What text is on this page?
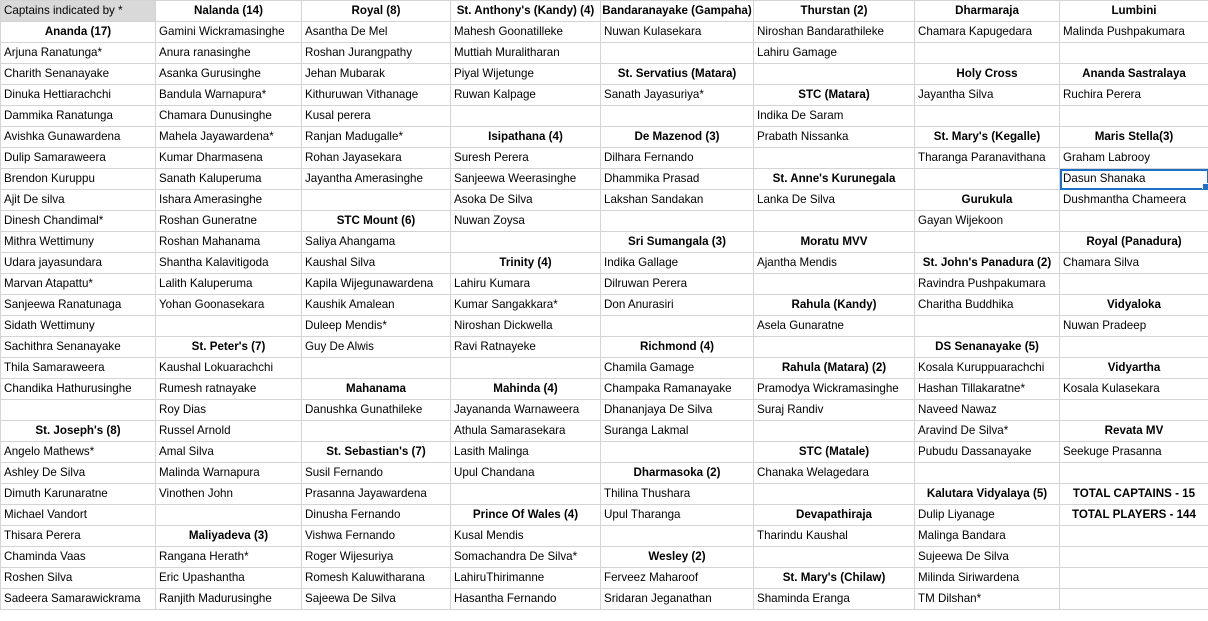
Captains indicated by *	Nalanda (14)	Royal (8)	St. Anthony's (Kandy) (4)	Bandaranayake (Gampaha)	Thurstan (2)	Dharmaraja	Lumbini
Ananda (17)	Gamini Wickramasinghe	Asantha De Mel	Mahesh Goonatilleke	Nuwan Kulasekara	Niroshan Bandarathileke	Chamara Kapugedara	Malinda Pushpakumara
Arjuna Ranatunga*	Anura ranasinghe	Roshan Jurangpathy	Muttiah Muralitharan		Lahiru Gamage		
Charith Senanayake	Asanka Gurusinghe	Jehan Mubarak	Piyal Wijetunge	St. Servatius (Matara)		Holy Cross	Ananda Sastralaya
Dinuka Hettiarachchi	Bandula Warnapura*	Kithuruwan Vithanage	Ruwan Kalpage	Sanath Jayasuriya*	STC (Matara)	Jayantha Silva	Ruchira Perera
Dammika Ranatunga	Chamara Dunusinghe	Kusal perera			Indika De Saram		
Avishka Gunawardena	Mahela Jayawardena*	Ranjan Madugalle*	Isipathana (4)	De Mazenod (3)	Prabath Nissanka	St. Mary's (Kegalle)	Maris Stella(3)
Dulip Samaraweera	Kumar Dharmasena	Rohan Jayasekara	Suresh Perera	Dilhara Fernando		Tharanga Paranavithana	Graham Labrooy
Brendon Kuruppu	Sanath Kaluperuma	Jayantha Amerasinghe	Sanjeewa Weerasinghe	Dhammika Prasad	St. Anne's Kurunegala		Dasun Shanaka
Ajit De silva	Ishara Amerasinghe		Asoka De Silva	Lakshan Sandakan	Lanka De Silva	Gurukula	Dushmantha Chameera
Dinesh Chandimal*	Roshan Guneratne	STC Mount (6)	Nuwan Zoysa			Gayan Wijekoon	
Mithra Wettimuny	Roshan Mahanama	Saliya Ahangama		Sri Sumangala (3)	Moratu MVV		Royal (Panadura)
Udara jayasundara	Shantha Kalavitigoda	Kaushal Silva	Trinity (4)	Indika Gallage	Ajantha Mendis	St. John's Panadura (2)	Chamara Silva
Marvan Atapattu*	Lalith Kaluperuma	Kapila Wijegunawardena	Lahiru Kumara	Dilruwan Perera		Ravindra Pushpakumara	
Sanjeewa Ranatunaga	Yohan Goonasekara	Kaushik Amalean	Kumar Sangakkara*	Don Anurasiri	Rahula (Kandy)	Charitha Buddhika	Vidyaloka
Sidath Wettimuny		Duleep Mendis*	Niroshan Dickwella		Asela Gunaratne		Nuwan Pradeep
Sachithra Senanayake	St. Peter's (7)	Guy De Alwis	Ravi Ratnayeke	Richmond (4)		DS Senanayake (5)	
Thila Samaraweera	Kaushal Lokuarachchi			Chamila Gamage	Rahula (Matara) (2)	Kosala Kuruppuarachchi	Vidyartha
Chandika Hathurusinghe	Rumesh ratnayake	Mahanama	Mahinda (4)	Champaka Ramanayake	Pramodya Wickramasinghe	Hashan Tillakaratne*	Kosala Kulasekara
	Roy Dias	Danushka Gunathileke	Jayananda Warnaweera	Dhananjaya De Silva	Suraj Randiv	Naveed Nawaz	
St. Joseph's (8)	Russel Arnold		Athula Samarasekara	Suranga Lakmal		Aravind De Silva*	Revata MV
Angelo Mathews*	Amal Silva	St. Sebastian's (7)	Lasith Malinga		STC (Matale)	Pubudu Dassanayake	Seekuge Prasanna
Ashley De Silva	Malinda Warnapura	Susil Fernando	Upul Chandana	Dharmasoka (2)	Chanaka Welagedara		
Dimuth Karunaratne	Vinothen John	Prasanna Jayawardena		Thilina Thushara		Kalutara Vidyalaya (5)	TOTAL CAPTAINS - 15
Michael Vandort		Dinusha Fernando	Prince Of Wales (4)	Upul Tharanga	Devapathiraja	Dulip Liyanage	TOTAL PLAYERS - 144
Thisara Perera	Maliyadeva (3)	Vishwa Fernando	Kusal Mendis		Tharindu Kaushal	Malinga Bandara	
Chaminda Vaas	Rangana Herath*	Roger Wijesuriya	Somachandra De Silva*	Wesley (2)		Sujeewa De Silva	
Roshen Silva	Eric Upashantha	Romesh Kaluwitharana	LahiruThirimanne	Ferveez Maharoof	St. Mary's (Chilaw)	Milinda Siriwardena	
Sadeera Samarawickrama	Ranjith Madurusinghe	Sajeewa De Silva	Hasantha Fernando	Sridaran Jeganathan	Shaminda Eranga	TM Dilshan*	
